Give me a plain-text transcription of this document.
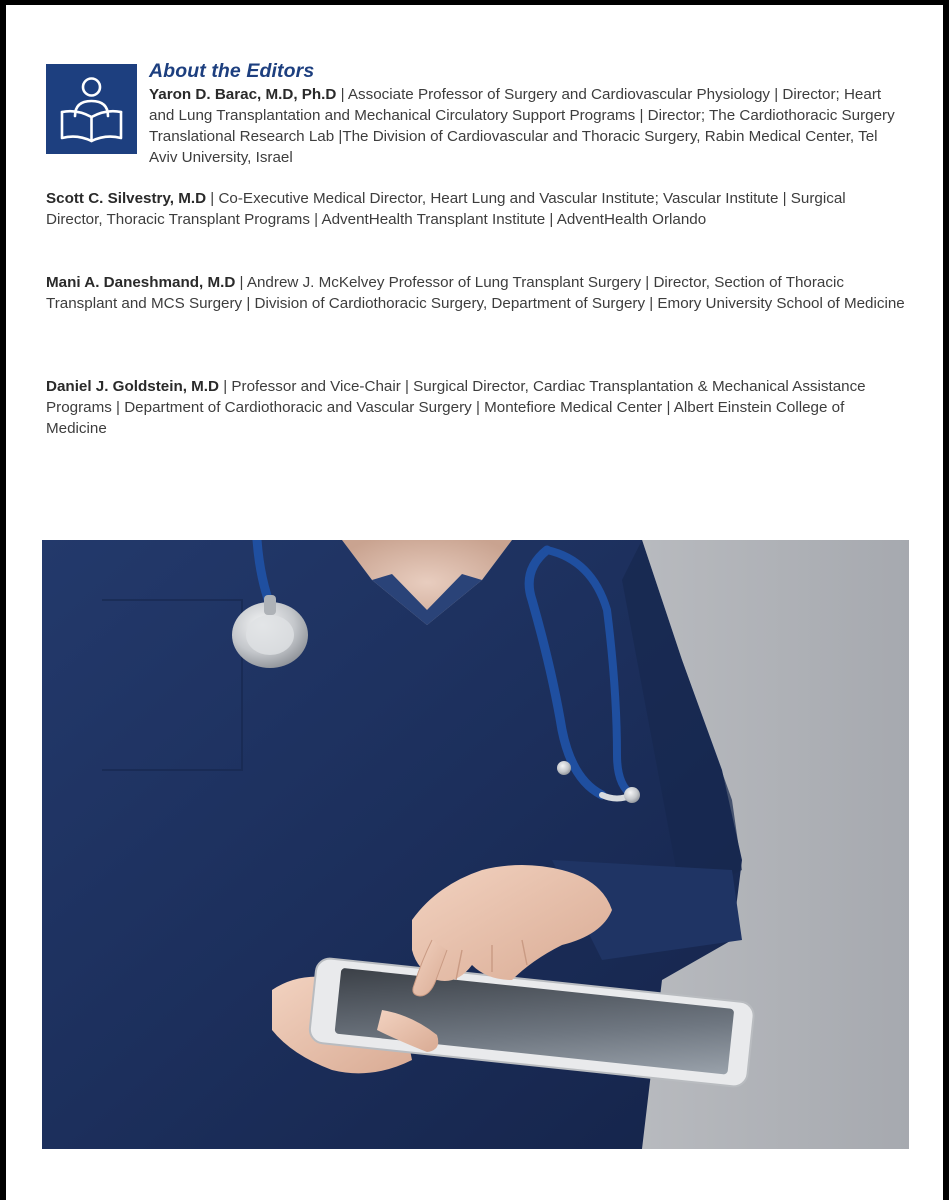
About the Editors
Yaron D. Barac, M.D, Ph.D | Associate Professor of Surgery and Cardiovascular Physiology | Director; Heart and Lung Transplantation and Mechanical Circulatory Support Programs | Director; The Cardiothoracic Surgery Translational Research Lab |The Division of Cardiovascular and Thoracic Surgery, Rabin Medical Center, Tel Aviv University, Israel
Scott C. Silvestry, M.D | Co-Executive Medical Director, Heart Lung and Vascular Institute; Vascular Institute | Surgical Director, Thoracic Transplant Programs | AdventHealth Transplant Institute | AdventHealth Orlando
Mani A. Daneshmand, M.D | Andrew J. McKelvey Professor of Lung Transplant Surgery | Director, Section of Thoracic Transplant and MCS Surgery | Division of Cardiothoracic Surgery, Department of Surgery | Emory University School of Medicine
Daniel J. Goldstein, M.D | Professor and Vice-Chair | Surgical Director, Cardiac Transplantation & Mechanical Assistance Programs | Department of Cardiothoracic and Vascular Surgery | Montefiore Medical Center | Albert Einstein College of Medicine
